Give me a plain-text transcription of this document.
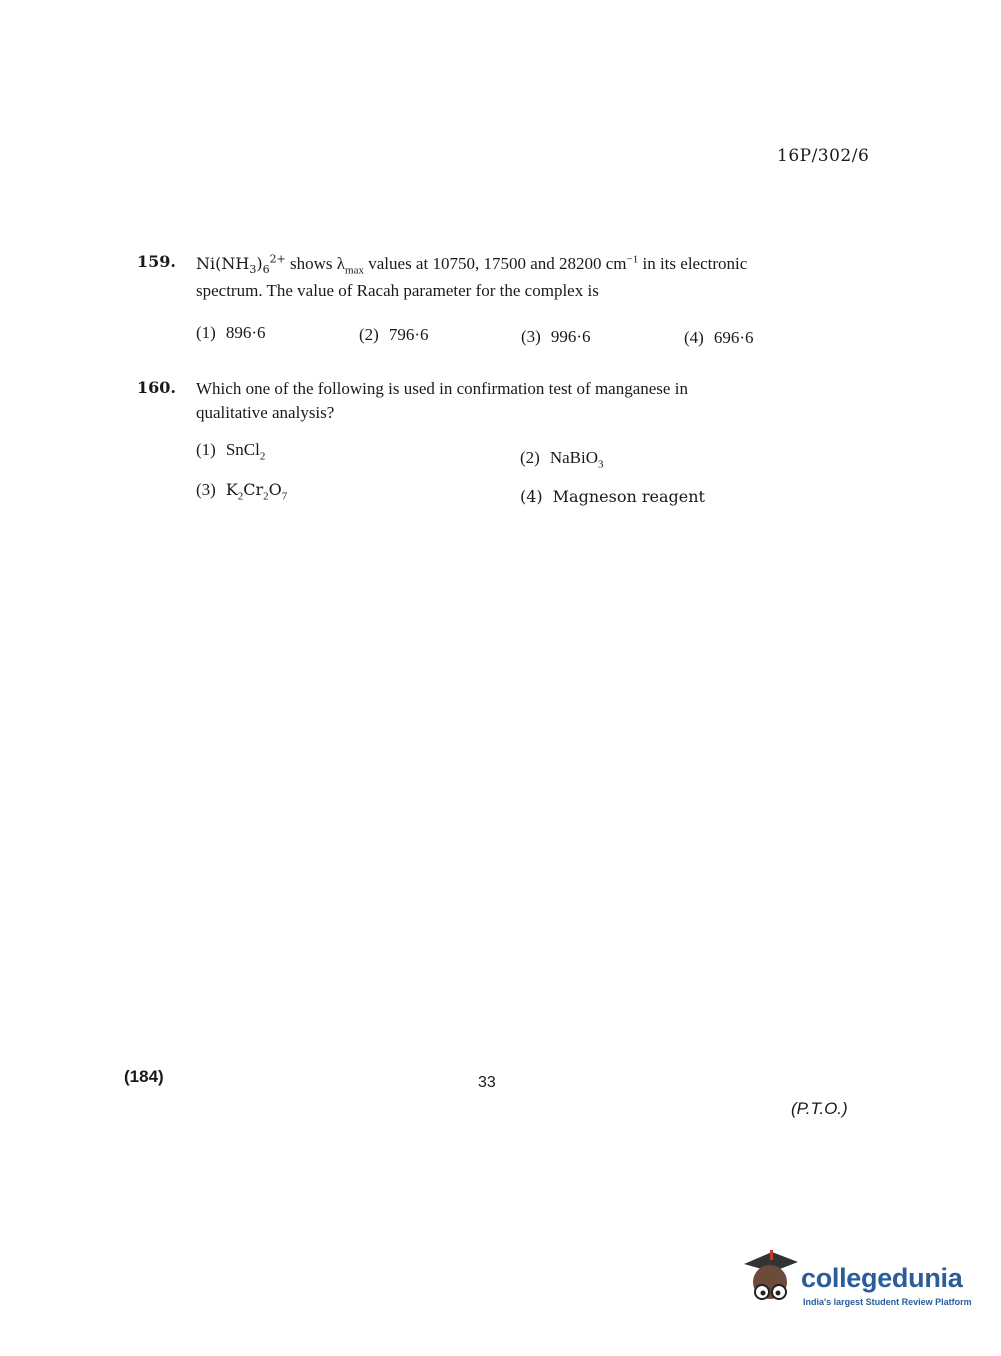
16P/302/6
159. $Ni(NH_3)_6^{2+}$ shows $\lambda_{max}$ values at 10750, 17500 and 28200 $cm^{-1}$ in its electronic
spectrum. The value of Racah parameter for the complex is
(1) 896·6	(2) 796·6	(3) 996·6	(4) 696·6
160. Which one of the following is used in confirmation test of manganese in
qualitative analysis?
(1) SnCl$_2$	(2) NaBiO$_3$
(3) $K_2Cr_2O_7$	(4) Magneson reagent
(184)	33
(P.T.O.)
collegedunia
India's largest Student Review Platform
